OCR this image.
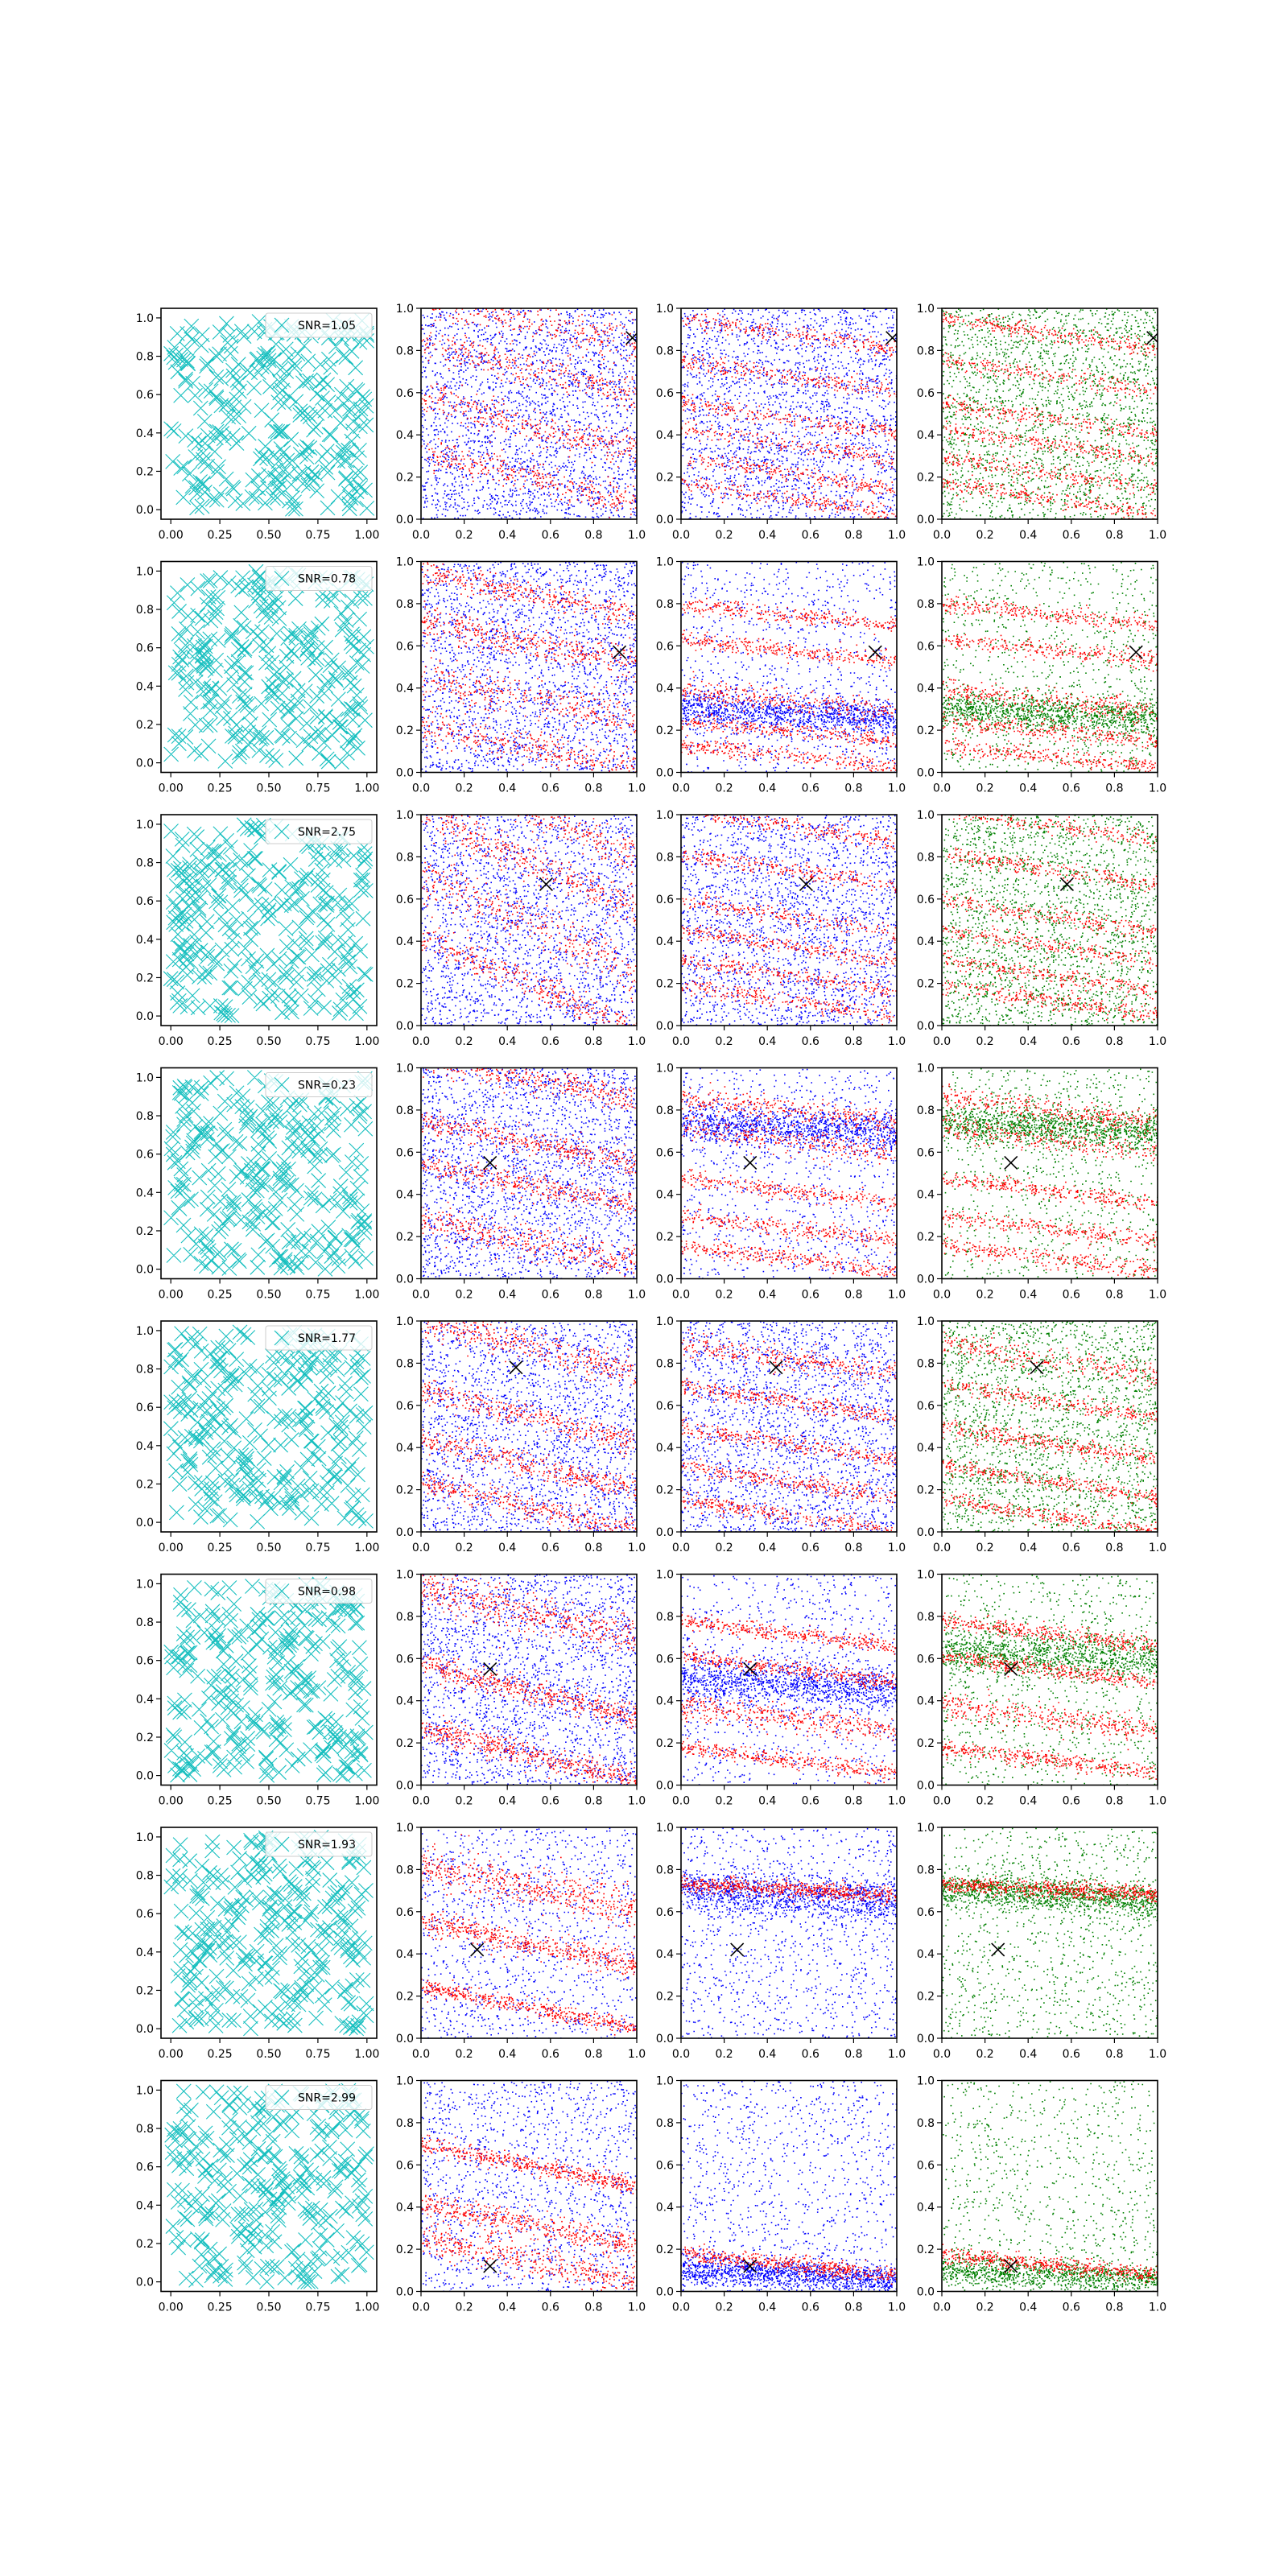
0.00 0.25 0.50 0.75 1.00
0.0
0.2
0.4
0.6
0.8
1.0
SNR=1.05
0.0 0.2 0.4 0.6 0.8 1.0
0.0
0.2
0.4
0.6
0.8
1.0
0.0 0.2 0.4 0.6 0.8 1.0
0.0
0.2
0.4
0.6
0.8
1.0
0.0 0.2 0.4 0.6 0.8 1.0
0.0
0.2
0.4
0.6
0.8
1.0
0.00 0.25 0.50 0.75 1.00
0.0
0.2
0.4
0.6
0.8
1.0
SNR=0.78
0.0 0.2 0.4 0.6 0.8 1.0
0.0
0.2
0.4
0.6
0.8
1.0
0.0 0.2 0.4 0.6 0.8 1.0
0.0
0.2
0.4
0.6
0.8
1.0
0.0 0.2 0.4 0.6 0.8 1.0
0.0
0.2
0.4
0.6
0.8
1.0
0.00 0.25 0.50 0.75 1.00
0.0
0.2
0.4
0.6
0.8
1.0
SNR=2.75
0.0 0.2 0.4 0.6 0.8 1.0
0.0
0.2
0.4
0.6
0.8
1.0
0.0 0.2 0.4 0.6 0.8 1.0
0.0
0.2
0.4
0.6
0.8
1.0
0.0 0.2 0.4 0.6 0.8 1.0
0.0
0.2
0.4
0.6
0.8
1.0
0.00 0.25 0.50 0.75 1.00
0.0
0.2
0.4
0.6
0.8
1.0
SNR=0.23
0.0 0.2 0.4 0.6 0.8 1.0
0.0
0.2
0.4
0.6
0.8
1.0
0.0 0.2 0.4 0.6 0.8 1.0
0.0
0.2
0.4
0.6
0.8
1.0
0.0 0.2 0.4 0.6 0.8 1.0
0.0
0.2
0.4
0.6
0.8
1.0
0.00 0.25 0.50 0.75 1.00
0.0
0.2
0.4
0.6
0.8
1.0
SNR=1.77
0.0 0.2 0.4 0.6 0.8 1.0
0.0
0.2
0.4
0.6
0.8
1.0
0.0 0.2 0.4 0.6 0.8 1.0
0.0
0.2
0.4
0.6
0.8
1.0
0.0 0.2 0.4 0.6 0.8 1.0
0.0
0.2
0.4
0.6
0.8
1.0
0.00 0.25 0.50 0.75 1.00
0.0
0.2
0.4
0.6
0.8
1.0
SNR=0.98
0.0 0.2 0.4 0.6 0.8 1.0
0.0
0.2
0.4
0.6
0.8
1.0
0.0 0.2 0.4 0.6 0.8 1.0
0.0
0.2
0.4
0.6
0.8
1.0
0.0 0.2 0.4 0.6 0.8 1.0
0.0
0.2
0.4
0.6
0.8
1.0
0.00 0.25 0.50 0.75 1.00
0.0
0.2
0.4
0.6
0.8
1.0
SNR=1.93
0.0 0.2 0.4 0.6 0.8 1.0
0.0
0.2
0.4
0.6
0.8
1.0
0.0 0.2 0.4 0.6 0.8 1.0
0.0
0.2
0.4
0.6
0.8
1.0
0.0 0.2 0.4 0.6 0.8 1.0
0.0
0.2
0.4
0.6
0.8
1.0
0.00 0.25 0.50 0.75 1.00
0.0
0.2
0.4
0.6
0.8
1.0
SNR=2.99
0.0 0.2 0.4 0.6 0.8 1.0
0.0
0.2
0.4
0.6
0.8
1.0
0.0 0.2 0.4 0.6 0.8 1.0
0.0
0.2
0.4
0.6
0.8
1.0
0.0 0.2 0.4 0.6 0.8 1.0
0.0
0.2
0.4
0.6
0.8
1.0
